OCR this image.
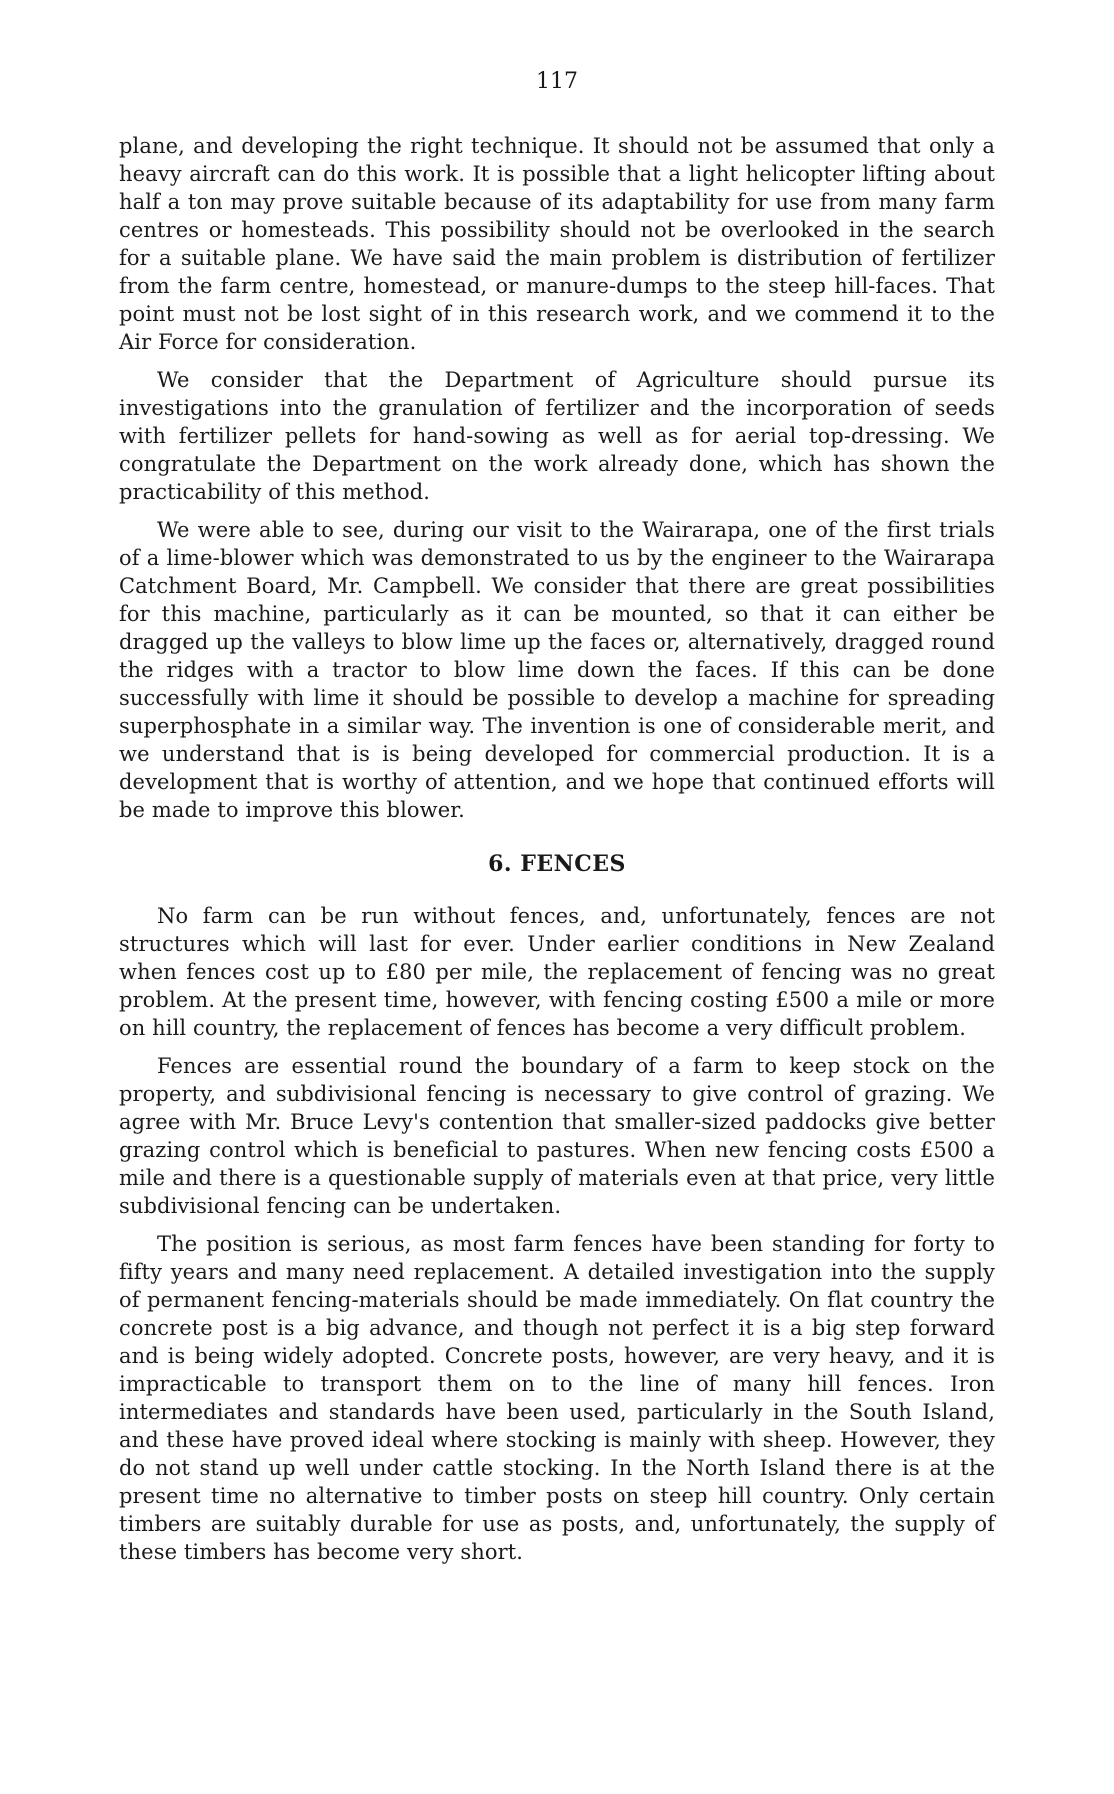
117

plane, and developing the right technique. It should not be assumed that only a heavy aircraft can do this work. It is possible that a light helicopter lifting about half a ton may prove suitable because of its adaptability for use from many farm centres or homesteads. This possibility should not be overlooked in the search for a suitable plane. We have said the main problem is distribution of fertilizer from the farm centre, homestead, or manure-dumps to the steep hill-faces. That point must not be lost sight of in this research work, and we commend it to the Air Force for consideration.

We consider that the Department of Agriculture should pursue its investigations into the granulation of fertilizer and the incorporation of seeds with fertilizer pellets for hand-sowing as well as for aerial top-dressing. We congratulate the Department on the work already done, which has shown the practicability of this method.

We were able to see, during our visit to the Wairarapa, one of the first trials of a lime-blower which was demonstrated to us by the engineer to the Wairarapa Catchment Board, Mr. Campbell. We consider that there are great possibilities for this machine, particularly as it can be mounted, so that it can either be dragged up the valleys to blow lime up the faces or, alternatively, dragged round the ridges with a tractor to blow lime down the faces. If this can be done successfully with lime it should be possible to develop a machine for spreading superphosphate in a similar way. The invention is one of considerable merit, and we understand that is is being developed for commercial production. It is a development that is worthy of attention, and we hope that continued efforts will be made to improve this blower.

6. FENCES

No farm can be run without fences, and, unfortunately, fences are not structures which will last for ever. Under earlier conditions in New Zealand when fences cost up to £80 per mile, the replacement of fencing was no great problem. At the present time, however, with fencing costing £500 a mile or more on hill country, the replacement of fences has become a very difficult problem.

Fences are essential round the boundary of a farm to keep stock on the property, and subdivisional fencing is necessary to give control of grazing. We agree with Mr. Bruce Levy's contention that smaller-sized paddocks give better grazing control which is beneficial to pastures. When new fencing costs £500 a mile and there is a questionable supply of materials even at that price, very little subdivisional fencing can be undertaken.

The position is serious, as most farm fences have been standing for forty to fifty years and many need replacement. A detailed investigation into the supply of permanent fencing-materials should be made immediately. On flat country the concrete post is a big advance, and though not perfect it is a big step forward and is being widely adopted. Concrete posts, however, are very heavy, and it is impracticable to transport them on to the line of many hill fences. Iron intermediates and standards have been used, particularly in the South Island, and these have proved ideal where stocking is mainly with sheep. However, they do not stand up well under cattle stocking. In the North Island there is at the present time no alternative to timber posts on steep hill country. Only certain timbers are suitably durable for use as posts, and, unfortunately, the supply of these timbers has become very short.
